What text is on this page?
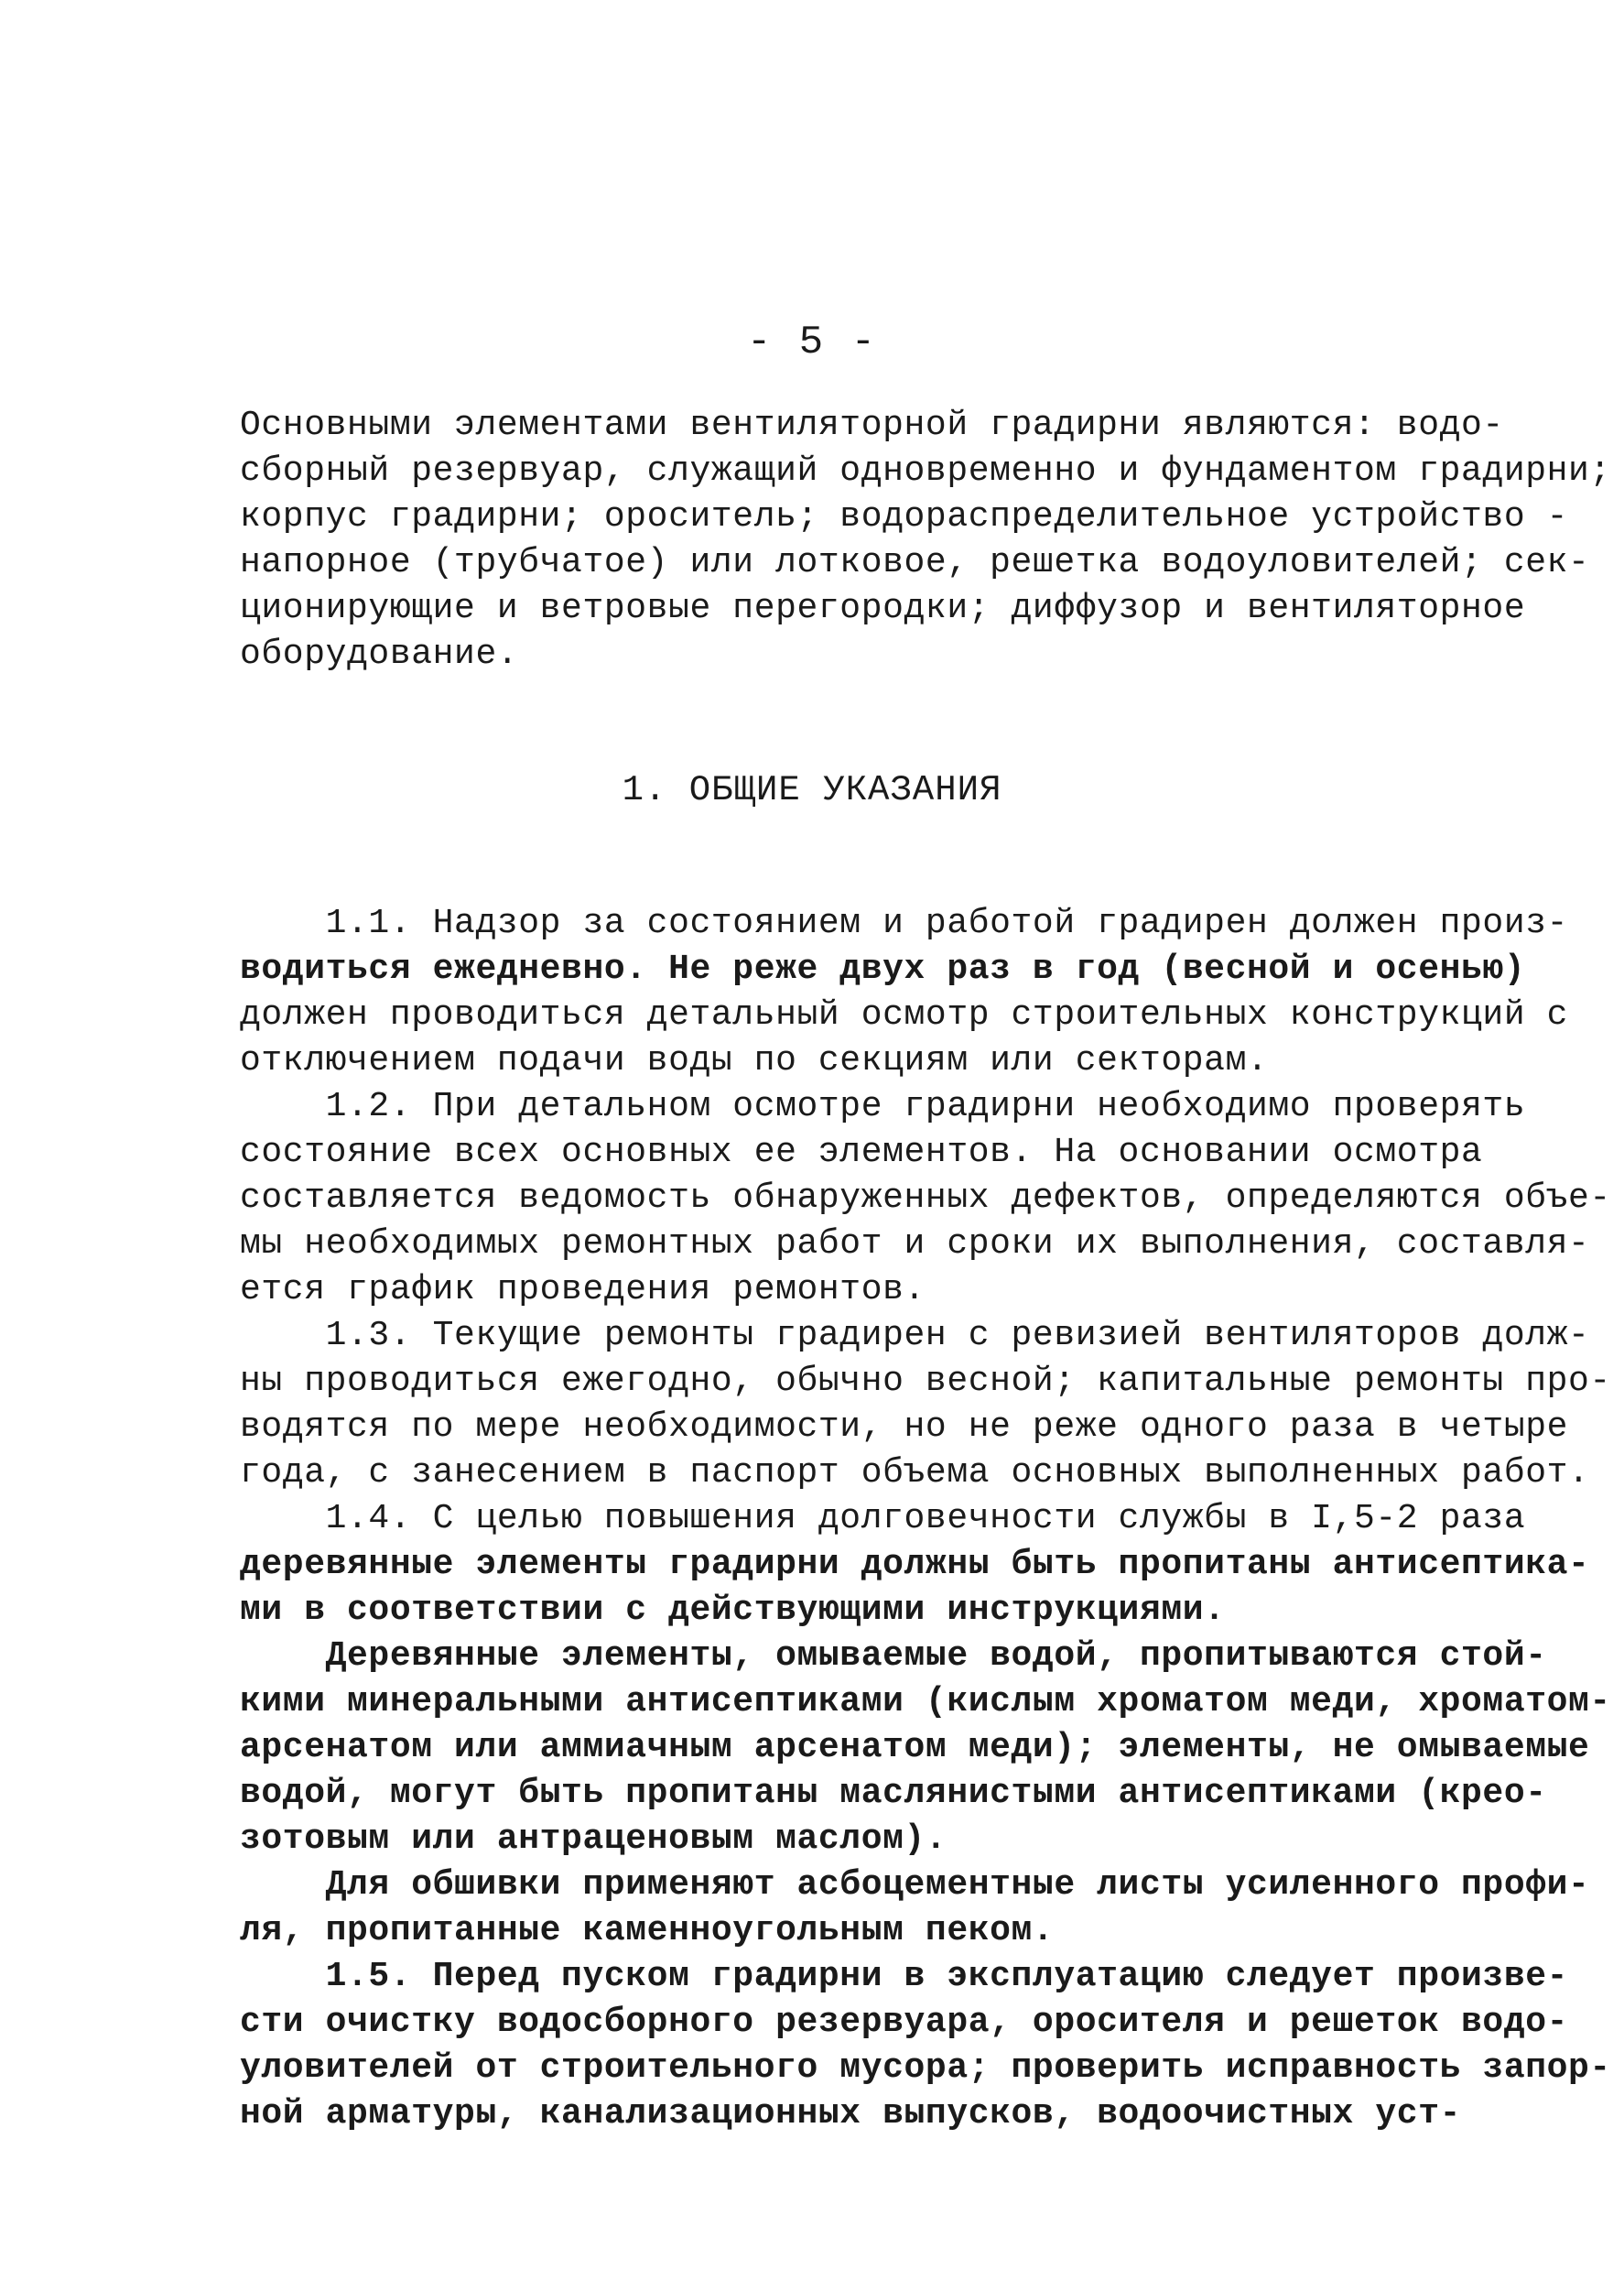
- 5 -
Основными элементами вентиляторной градирни являются: водо-
сборный резервуар, служащий одновременно и фундаментом градирни;
корпус градирни; ороситель; водораспределительное устройство -
напорное (трубчатое) или лотковое, решетка водоуловителей; сек-
ционирующие и ветровые перегородки; диффузор и вентиляторное
оборудование.
1. ОБЩИЕ УКАЗАНИЯ
1.1. Надзор за состоянием и работой градирен должен произ-
водиться ежедневно. Не реже двух раз в год (весной и осенью)
должен проводиться детальный осмотр строительных конструкций с
отключением подачи воды по секциям или секторам.
1.2. При детальном осмотре градирни необходимо проверять
состояние всех основных ее элементов. На основании осмотра
составляется ведомость обнаруженных дефектов, определяются объе-
мы необходимых ремонтных работ и сроки их выполнения, составля-
ется график проведения ремонтов.
1.3. Текущие ремонты градирен с ревизией вентиляторов долж-
ны проводиться ежегодно, обычно весной; капитальные ремонты про-
водятся по мере необходимости, но не реже одного раза в четыре
года, с занесением в паспорт объема основных выполненных работ.
1.4. С целью повышения долговечности службы в I,5-2 раза
деревянные элементы градирни должны быть пропитаны антисептика-
ми в соответствии с действующими инструкциями.
Деревянные элементы, омываемые водой, пропитываются стой-
кими минеральными антисептиками (кислым хроматом меди, хроматом-
арсенатом или аммиачным арсенатом меди); элементы, не омываемые
водой, могут быть пропитаны маслянистыми антисептиками (крео-
зотовым или антраценовым маслом).
Для обшивки применяют асбоцементные листы усиленного профи-
ля, пропитанные каменноугольным пеком.
1.5. Перед пуском градирни в эксплуатацию следует произве-
сти очистку водосборного резервуара, оросителя и решеток водо-
уловителей от строительного мусора; проверить исправность запор-
ной арматуры, канализационных выпусков, водоочистных уст-
